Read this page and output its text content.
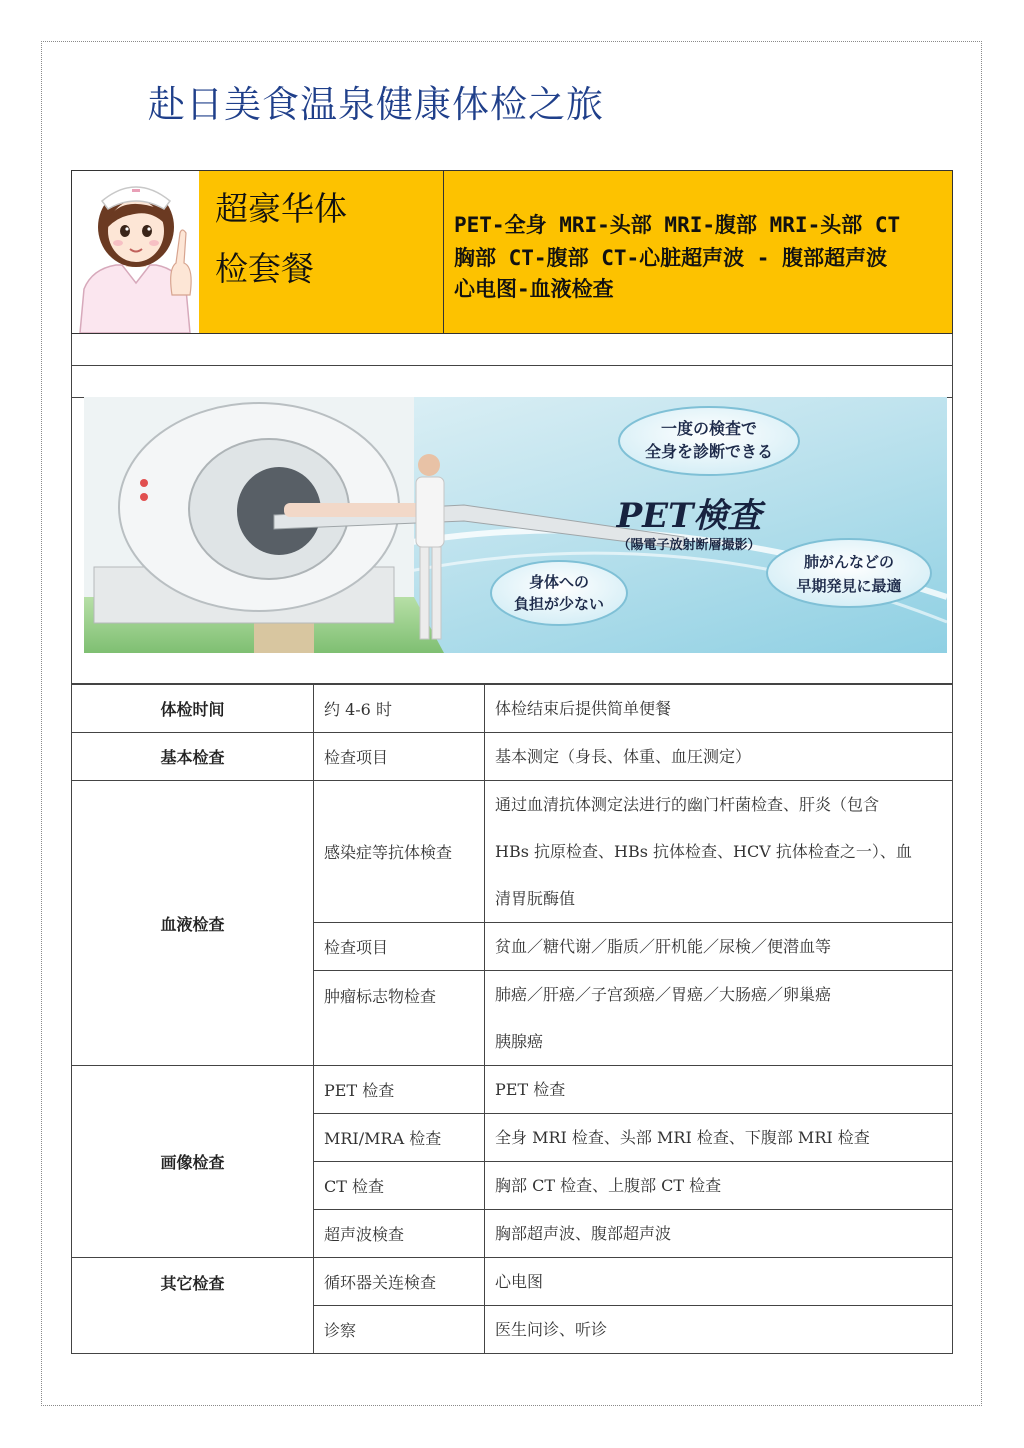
赴日美食温泉健康体检之旅
超豪华体
检套餐
PET-全身 MRI-头部 MRI-腹部 MRI-头部 CT
胸部 CT-腹部 CT-心脏超声波 - 腹部超声波
心电图-血液检查
一度の検査で
全身を診断できる
PET検査
（陽電子放射断層撮影）
身体への
負担が少ない
肺がんなどの
早期発見に最適
体检时间	约 4-6 时	体检结束后提供简单便餐
基本检查	检查项目	基本测定（身長、体重、血圧测定）
血液检查	感染症等抗体検查	通过血清抗体测定法进行的幽门杆菌检查、肝炎（包含
HBs 抗原检查、HBs 抗体检查、HCV 抗体检查之一）、血
清胃朊酶值

	检查项目	贫血／糖代谢／脂质／肝机能／尿検／便潜血等
	肿瘤标志物检查	肺癌／肝癌／子宫颈癌／胃癌／大肠癌／卵巢癌
胰腺癌

画像检查	PET 检查	PET 检查
	MRI/MRA 检查	全身 MRI 检查、头部 MRI 检查、下腹部 MRI 检查
	CT 检查	胸部 CT 检查、上腹部 CT 检查
	超声波検查	胸部超声波、腹部超声波
其它检查	循环器关连検查	心电图
	诊察	医生问诊、听诊
